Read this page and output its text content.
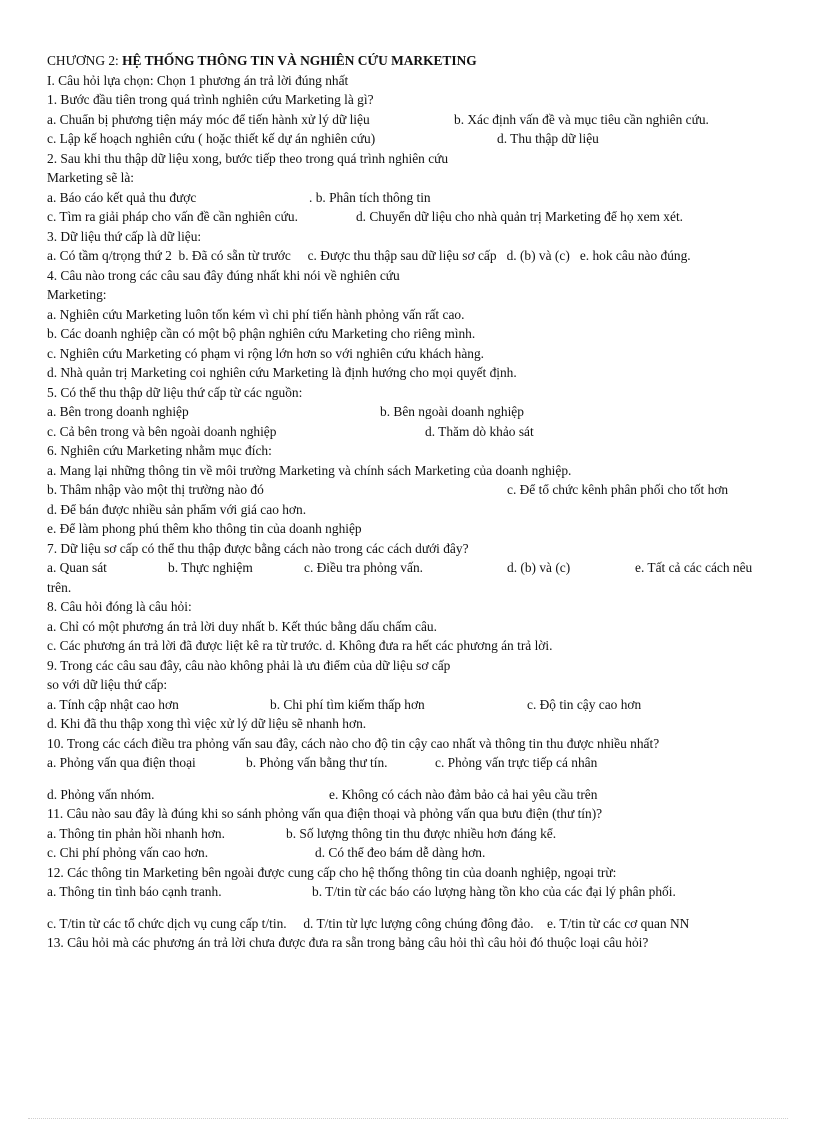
CHƯƠNG 2: HỆ THỐNG THÔNG TIN VÀ NGHIÊN CỨU MARKETING
I. Câu hỏi lựa chọn: Chọn 1 phương án trả lời đúng nhất
1. Bước đầu tiên trong quá trình nghiên cứu Marketing là gì?
a. Chuẩn bị phương tiện máy móc để tiến hành xử lý dữ liệu	b. Xác định vấn đề và mục tiêu cần nghiên cứu.
c. Lập kế hoạch nghiên cứu ( hoặc thiết kế dự án nghiên cứu)	d. Thu thập dữ liệu
2. Sau khi thu thập dữ liệu xong, bước tiếp theo trong quá trình nghiên cứu
Marketing sẽ là:
a. Báo cáo kết quả thu được	. b. Phân tích thông tin
c. Tìm ra giải pháp cho vấn đề cần nghiên cứu.	d. Chuyển dữ liệu cho nhà quản trị Marketing để họ xem xét.
3. Dữ liệu thứ cấp là dữ liệu:
a. Có tầm q/trọng thứ 2 b. Đã có sẵn từ trước c. Được thu thập sau dữ liệu sơ cấp d. (b) và (c) e. hok câu nào đúng.
4. Câu nào trong các câu sau đây đúng nhất khi nói về nghiên cứu
Marketing:
a. Nghiên cứu Marketing luôn tốn kém vì chi phí tiến hành phỏng vấn rất cao.
b. Các doanh nghiệp cần có một bộ phận nghiên cứu Marketing cho riêng mình.
c. Nghiên cứu Marketing có phạm vi rộng lớn hơn so với nghiên cứu khách hàng.
d. Nhà quản trị Marketing coi nghiên cứu Marketing là định hướng cho mọi quyết định.
5. Có thể thu thập dữ liệu thứ cấp từ các nguồn:
a. Bên trong doanh nghiệp	b. Bên ngoài doanh nghiệp
c. Cả bên trong và bên ngoài doanh nghiệp	d. Thăm dò khảo sát
6. Nghiên cứu Marketing nhằm mục đích:
a. Mang lại những thông tin về môi trường Marketing và chính sách Marketing của doanh nghiệp.
b. Thâm nhập vào một thị trường nào đó	c. Để tổ chức kênh phân phối cho tốt hơn
d. Để bán được nhiều sản phẩm với giá cao hơn.
e. Để làm phong phú thêm kho thông tin của doanh nghiệp
7. Dữ liệu sơ cấp có thể thu thập được bằng cách nào trong các cách dưới đây?
a. Quan sát	b. Thực nghiệm	c. Điều tra phỏng vấn.	d. (b) và (c)	e. Tất cả các cách nêu trên.
8. Câu hỏi đóng là câu hỏi:
a. Chỉ có một phương án trả lời duy nhất b. Kết thúc bằng dấu chấm câu.
c. Các phương án trả lời đã được liệt kê ra từ trước. d. Không đưa ra hết các phương án trả lời.
9. Trong các câu sau đây, câu nào không phải là ưu điểm của dữ liệu sơ cấp
so với dữ liệu thứ cấp:
a. Tính cập nhật cao hơn	b. Chi phí tìm kiếm thấp hơn	c. Độ tin cậy cao hơn
d. Khi đã thu thập xong thì việc xử lý dữ liệu sẽ nhanh hơn.
10. Trong các cách điều tra phỏng vấn sau đây, cách nào cho độ tin cậy cao nhất và thông tin thu được nhiều nhất?
a. Phỏng vấn qua điện thoại	b. Phỏng vấn bằng thư tín.	c. Phỏng vấn trực tiếp cá nhân
d. Phỏng vấn nhóm.	e. Không có cách nào đảm bảo cả hai yêu cầu trên
11. Câu nào sau đây là đúng khi so sánh phỏng vấn qua điện thoại và phỏng vấn qua bưu điện (thư tín)?
a. Thông tin phản hồi nhanh hơn.	b. Số lượng thông tin thu được nhiều hơn đáng kể.
c. Chi phí phỏng vấn cao hơn.	d. Có thể đeo bám dễ dàng hơn.
12. Các thông tin Marketing bên ngoài được cung cấp cho hệ thống thông tin của doanh nghiệp, ngoại trừ:
a. Thông tin tình báo cạnh tranh.	b. T/tin từ các báo cáo lượng hàng tồn kho của các đại lý phân phối.
c. T/tin từ các tổ chức dịch vụ cung cấp t/tin. d. T/tin từ lực lượng công chúng đông đảo. e. T/tin từ các cơ quan NN
13. Câu hỏi mà các phương án trả lời chưa được đưa ra sẵn trong bảng câu hỏi thì câu hỏi đó thuộc loại câu hỏi?
